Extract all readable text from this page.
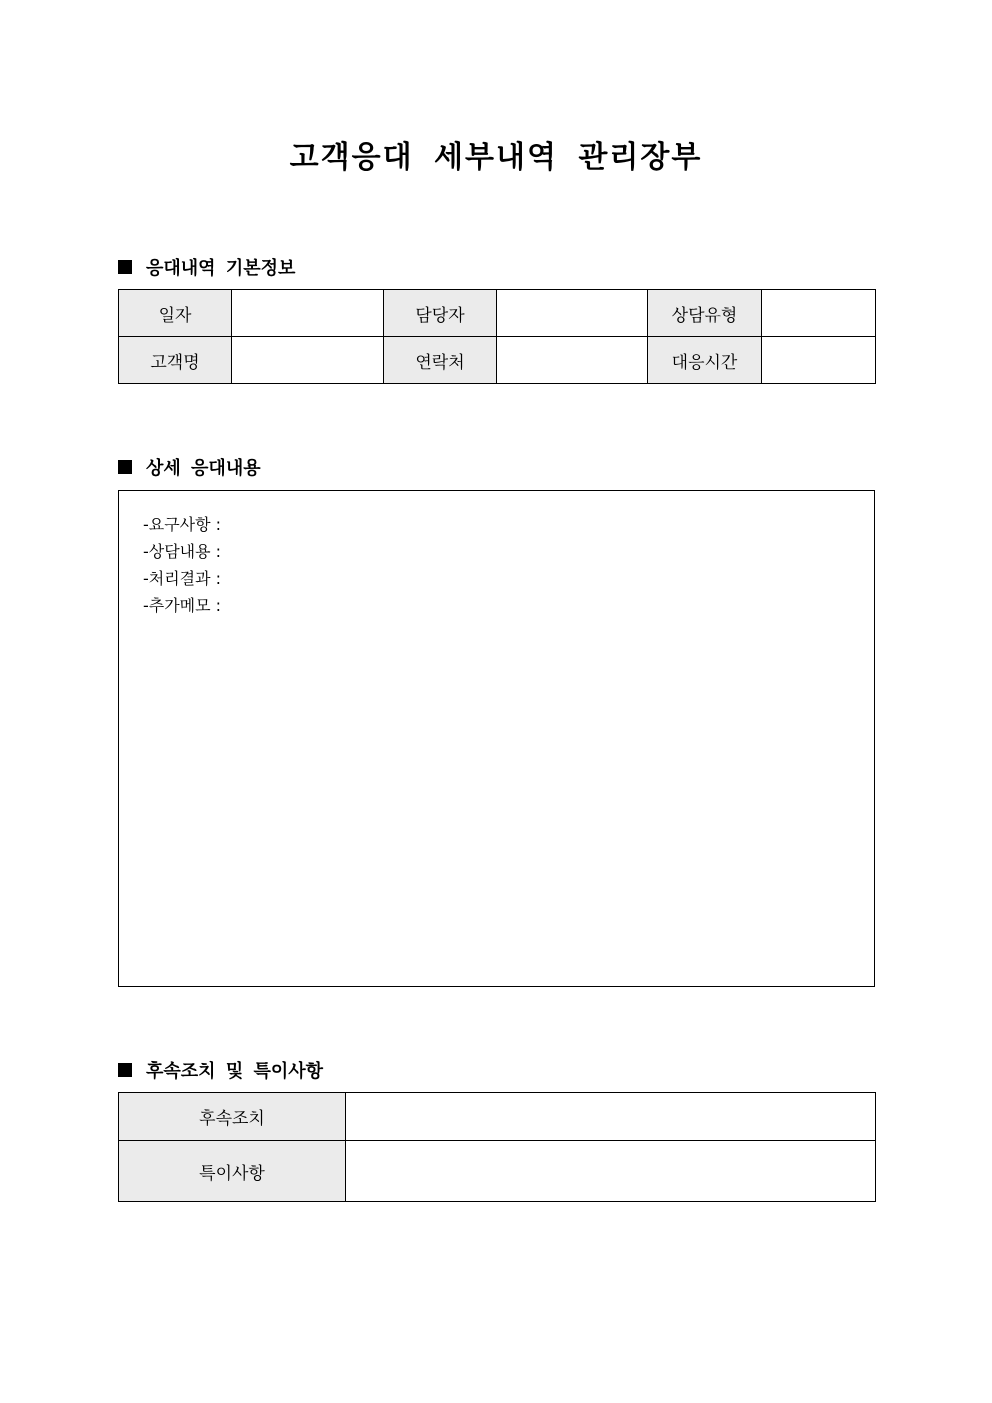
고객응대 세부내역 관리장부
응대내역 기본정보
일자		담당자		상담유형	
고객명		연락처		대응시간	
상세 응대내용
-요구사항 :
-상담내용 :
-처리결과 :
-추가메모 :
후속조치 및 특이사항
후속조치	
특이사항	
